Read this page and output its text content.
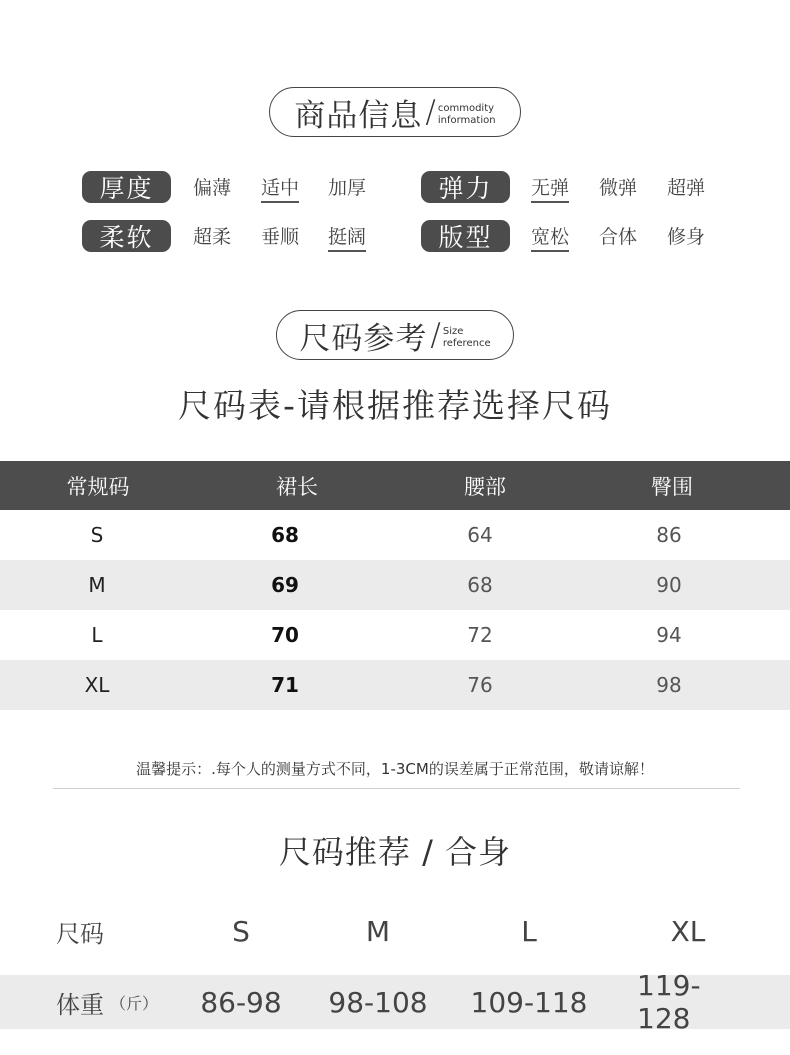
商品信息 / commodity
information
厚度	偏薄 适中 加厚	弹力	无弹 微弹 超弹
柔软	超柔 垂顺 挺阔	版型	宽松 合体 修身
尺码参考 / Size
reference
尺码表-请根据推荐选择尺码
常规码	裙长	腰部	臀围
S	68	64	86
M	69	68	90
L	70	72	94
XL	71	76	98
温馨提示：.每个人的测量方式不同，1-3CM的误差属于正常范围，敬请谅解！
尺码推荐 / 合身
尺码	S	M	L	XL
体重 （斤） 86-98 98-108 109-118 119-128
